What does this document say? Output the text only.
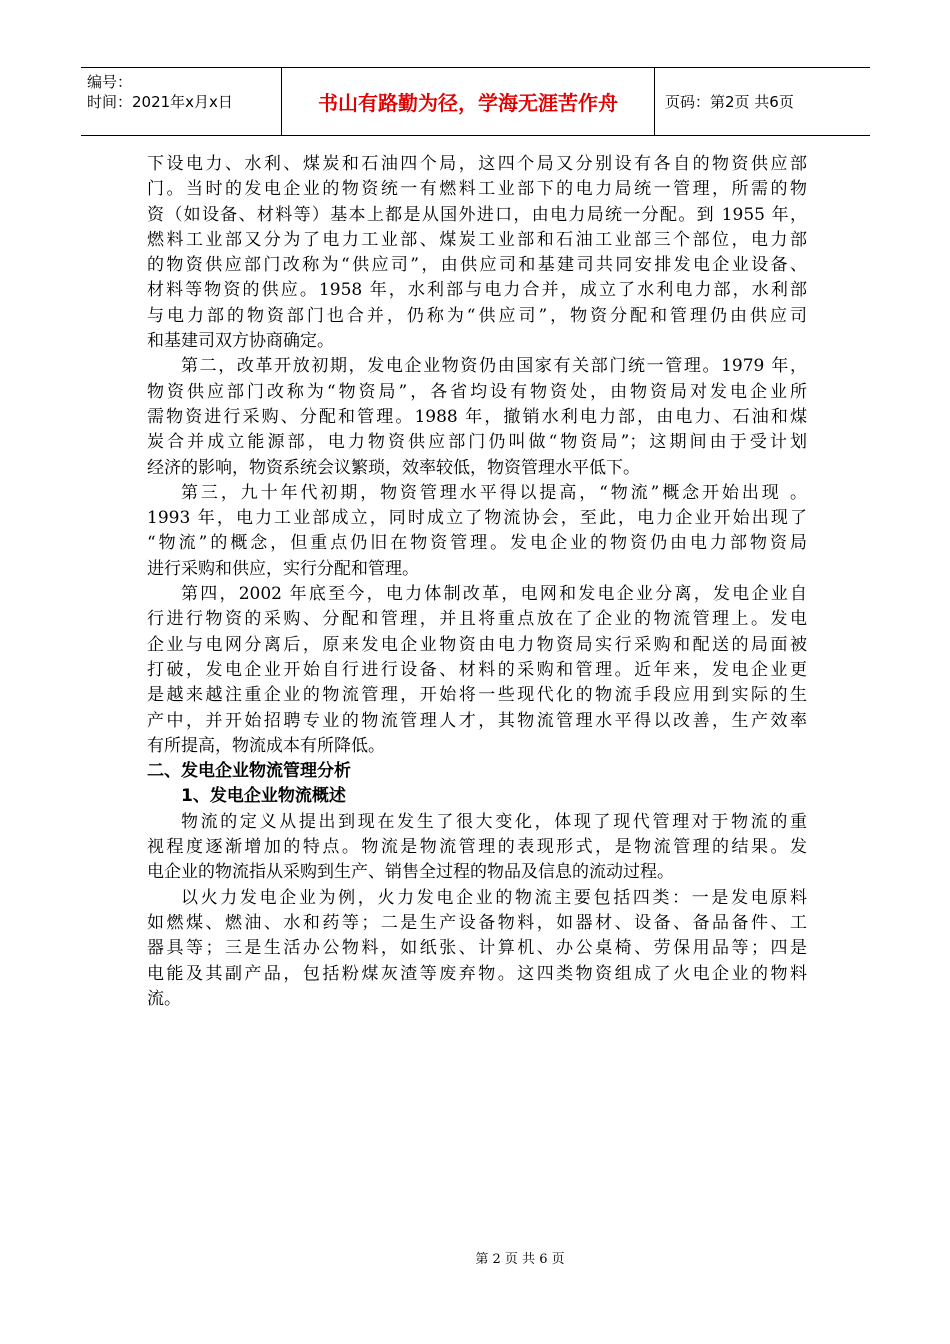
编号：
时间：2021年x月x日	书山有路勤为径，学海无涯苦作舟	页码：第2页 共6页
下设电力、水利、煤炭和石油四个局，这四个局又分别设有各自的物资供应部
门。当时的发电企业的物资统一有燃料工业部下的电力局统一管理，所需的物
资（如设备、材料等）基本上都是从国外进口，由电力局统一分配。到 1955 年，
燃料工业部又分为了电力工业部、煤炭工业部和石油工业部三个部位，电力部
的物资供应部门改称为“供应司”，由供应司和基建司共同安排发电企业设备、
材料等物资的供应。1958 年，水利部与电力合并，成立了水利电力部，水利部
与电力部的物资部门也合并，仍称为“供应司”，物资分配和管理仍由供应司
和基建司双方协商确定。
第二，改革开放初期，发电企业物资仍由国家有关部门统一管理。1979 年，
物资供应部门改称为“物资局”，各省均设有物资处，由物资局对发电企业所
需物资进行采购、分配和管理。1988 年，撤销水利电力部，由电力、石油和煤
炭合并成立能源部，电力物资供应部门仍叫做“物资局”；这期间由于受计划
经济的影响，物资系统会议繁琐，效率较低，物资管理水平低下。
第三，九十年代初期，物资管理水平得以提高，“物流”概念开始出现 。
1993 年，电力工业部成立，同时成立了物流协会，至此，电力企业开始出现了
“物流”的概念，但重点仍旧在物资管理。发电企业的物资仍由电力部物资局
进行采购和供应，实行分配和管理。
第四，2002 年底至今，电力体制改革，电网和发电企业分离，发电企业自
行进行物资的采购、分配和管理，并且将重点放在了企业的物流管理上。发电
企业与电网分离后，原来发电企业物资由电力物资局实行采购和配送的局面被
打破，发电企业开始自行进行设备、材料的采购和管理。近年来，发电企业更
是越来越注重企业的物流管理，开始将一些现代化的物流手段应用到实际的生
产中，并开始招聘专业的物流管理人才，其物流管理水平得以改善，生产效率
有所提高，物流成本有所降低。
二、发电企业物流管理分析
1、发电企业物流概述
物流的定义从提出到现在发生了很大变化，体现了现代管理对于物流的重
视程度逐渐增加的特点。物流是物流管理的表现形式，是物流管理的结果。发
电企业的物流指从采购到生产、销售全过程的物品及信息的流动过程。
以火力发电企业为例，火力发电企业的物流主要包括四类：一是发电原料
如燃煤、燃油、水和药等；二是生产设备物料，如器材、设备、备品备件、工
器具等；三是生活办公物料，如纸张、计算机、办公桌椅、劳保用品等；四是
电能及其副产品，包括粉煤灰渣等废弃物。这四类物资组成了火电企业的物料
流。
第 2 页 共 6 页
